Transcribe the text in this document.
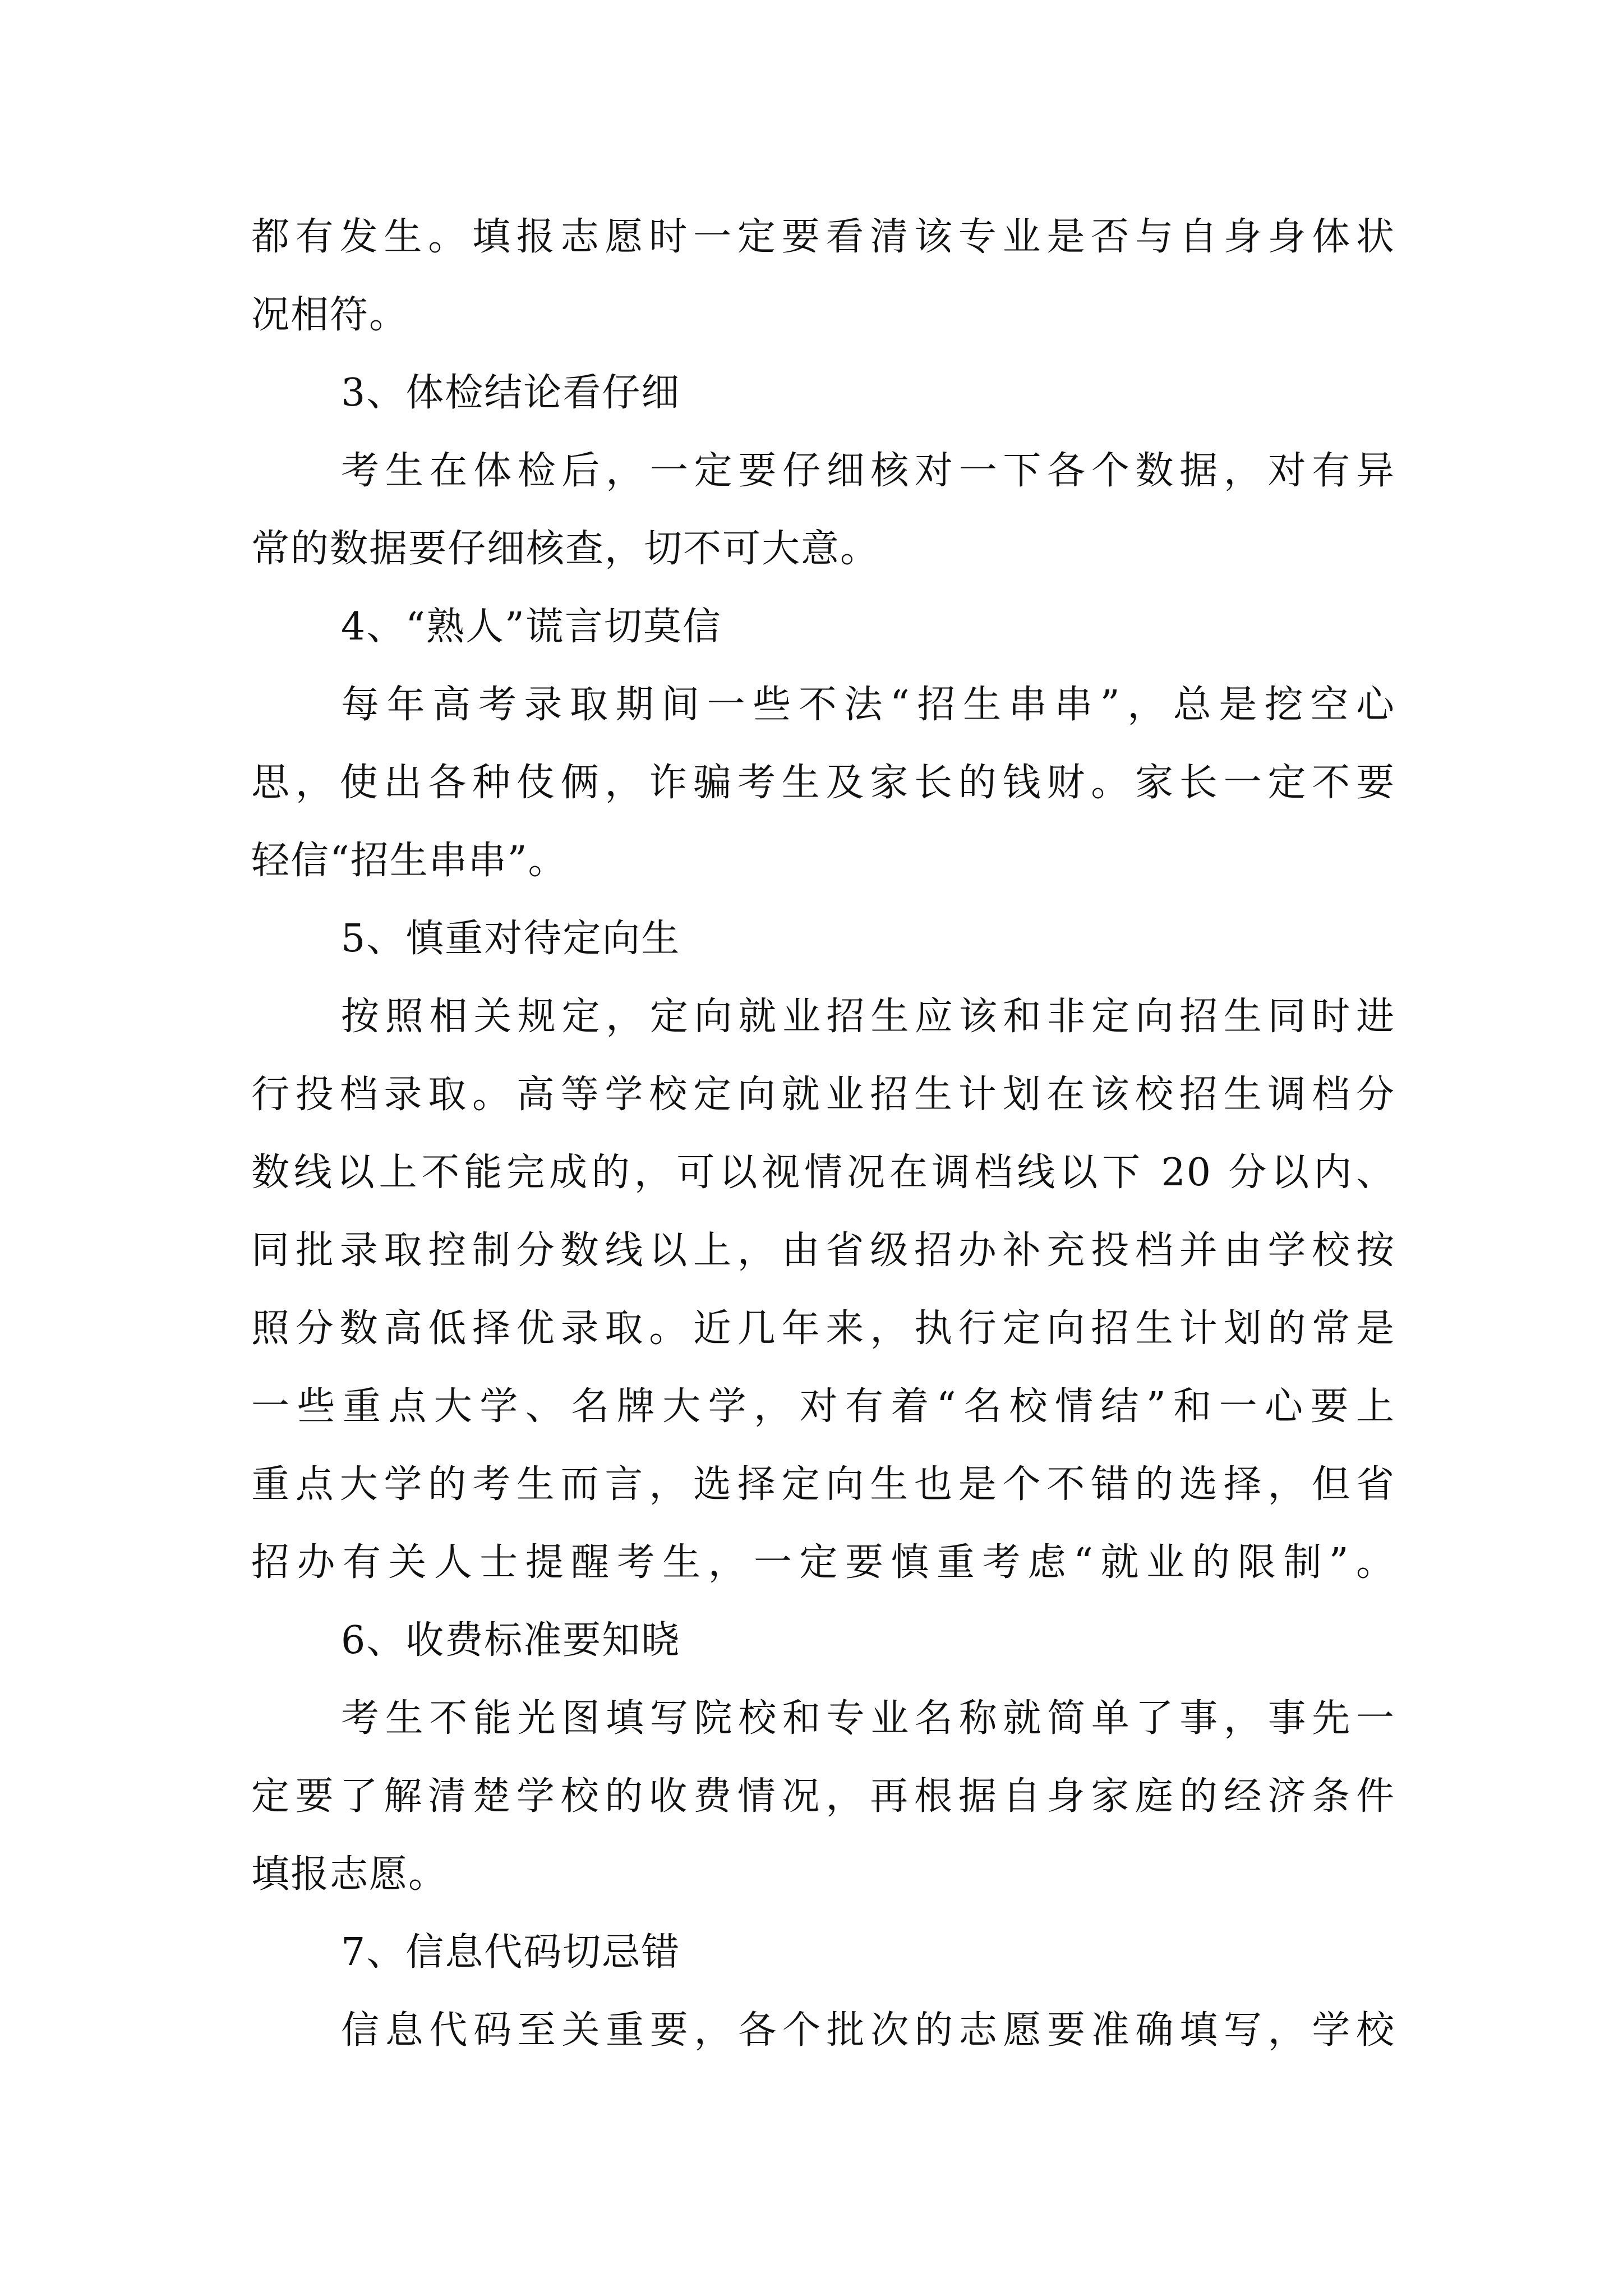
都有发生。填报志愿时一定要看清该专业是否与自身身体状
况相符。
3、体检结论看仔细
考生在体检后，一定要仔细核对一下各个数据，对有异
常的数据要仔细核查，切不可大意。
4、“熟人”谎言切莫信
每年高考录取期间一些不法“招生串串”，总是挖空心
思，使出各种伎俩，诈骗考生及家长的钱财。家长一定不要
轻信“招生串串”。
5、慎重对待定向生
按照相关规定，定向就业招生应该和非定向招生同时进
行投档录取。高等学校定向就业招生计划在该校招生调档分
数线以上不能完成的，可以视情况在调档线以下 20 分以内、
同批录取控制分数线以上，由省级招办补充投档并由学校按
照分数高低择优录取。近几年来，执行定向招生计划的常是
一些重点大学、名牌大学，对有着“名校情结”和一心要上
重点大学的考生而言，选择定向生也是个不错的选择，但省
招办有关人士提醒考生，一定要慎重考虑“就业的限制”。
6、收费标准要知晓
考生不能光图填写院校和专业名称就简单了事，事先一
定要了解清楚学校的收费情况，再根据自身家庭的经济条件
填报志愿。
7、信息代码切忌错
信息代码至关重要，各个批次的志愿要准确填写，学校
